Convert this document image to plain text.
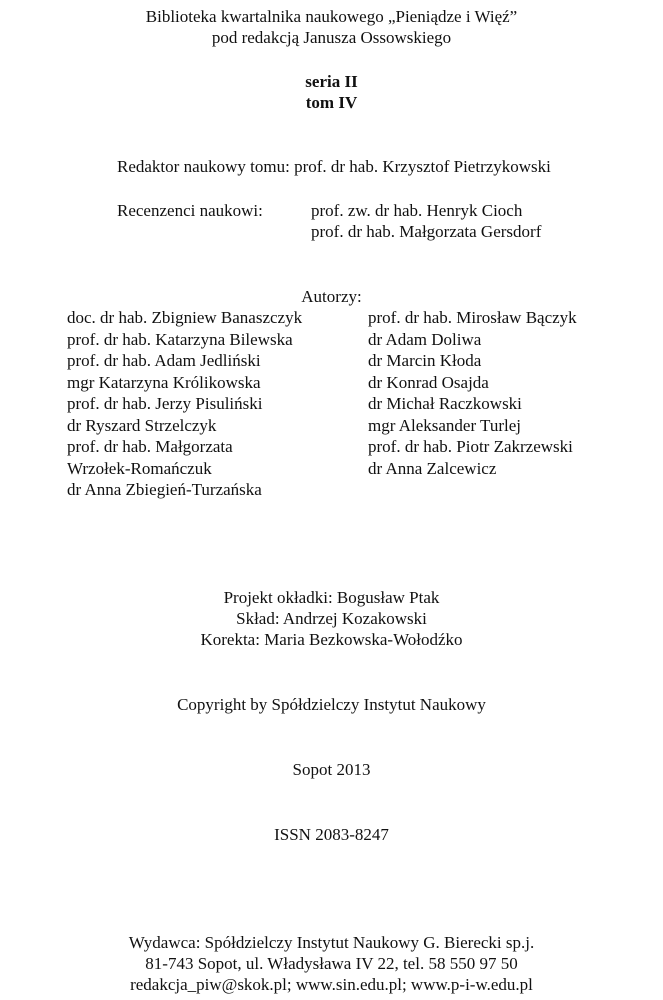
Biblioteka kwartalnika naukowego „Pieniądze i Więź”
pod redakcją Janusza Ossowskiego
seria II
tom IV
Redaktor naukowy tomu: prof. dr hab. Krzysztof Pietrzykowski
Recenzenci naukowi:	prof. zw. dr hab. Henryk Cioch
prof. dr hab. Małgorzata Gersdorf
Autorzy:
doc. dr hab. Zbigniew Banaszczyk
prof. dr hab. Katarzyna Bilewska
prof. dr hab. Adam Jedliński
mgr Katarzyna Królikowska
prof. dr hab. Jerzy Pisuliński
dr Ryszard Strzelczyk
prof. dr hab. Małgorzata
Wrzołek-Romańczuk
dr Anna Zbiegień-Turzańska
prof. dr hab. Mirosław Bączyk
dr Adam Doliwa
dr Marcin Kłoda
dr Konrad Osajda
dr Michał Raczkowski
mgr Aleksander Turlej
prof. dr hab. Piotr Zakrzewski
dr Anna Zalcewicz
Projekt okładki: Bogusław Ptak
Skład: Andrzej Kozakowski
Korekta: Maria Bezkowska-Wołodźko
Copyright by Spółdzielczy Instytut Naukowy
Sopot 2013
ISSN 2083-8247
Wydawca: Spółdzielczy Instytut Naukowy G. Bierecki sp.j.
81-743 Sopot, ul. Władysława IV 22, tel. 58 550 97 50
redakcja_piw@skok.pl; www.sin.edu.pl; www.p-i-w.edu.pl
